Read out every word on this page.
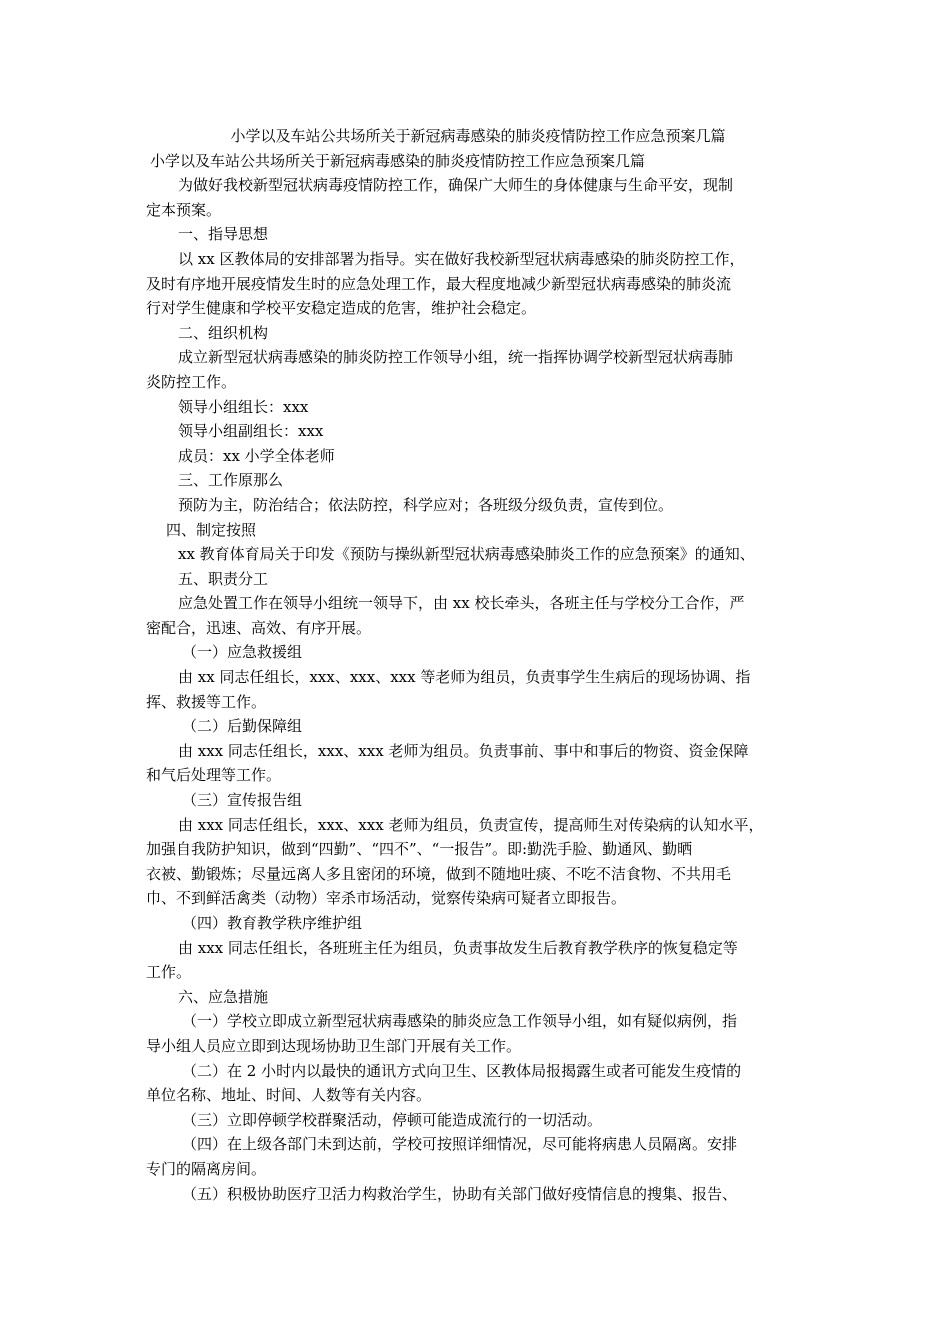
小学以及车站公共场所关于新冠病毒感染的肺炎疫情防控工作应急预案几篇
小学以及车站公共场所关于新冠病毒感染的肺炎疫情防控工作应急预案几篇
为做好我校新型冠状病毒疫情防控工作，确保广大师生的身体健康与生命平安，现制
定本预案。
一、指导思想
以 xx 区教体局的安排部署为指导。实在做好我校新型冠状病毒感染的肺炎防控工作，
及时有序地开展疫情发生时的应急处理工作，最大程度地减少新型冠状病毒感染的肺炎流
行对学生健康和学校平安稳定造成的危害，维护社会稳定。
二、组织机构
成立新型冠状病毒感染的肺炎防控工作领导小组，统一指挥协调学校新型冠状病毒肺
炎防控工作。
领导小组组长：xxx
领导小组副组长：xxx
成员：xx 小学全体老师
三、工作原那么
预防为主，防治结合；依法防控，科学应对；各班级分级负责，宣传到位。
四、制定按照
xx 教育体育局关于印发《预防与操纵新型冠状病毒感染肺炎工作的应急预案》的通知、
五、职责分工
应急处置工作在领导小组统一领导下，由 xx 校长牵头，各班主任与学校分工合作，严
密配合，迅速、高效、有序开展。
（一）应急救援组
由 xx 同志任组长，xxx、xxx、xxx 等老师为组员，负责事学生生病后的现场协调、指
挥、救援等工作。
（二）后勤保障组
由 xxx 同志任组长，xxx、xxx 老师为组员。负责事前、事中和事后的物资、资金保障
和气后处理等工作。
（三）宣传报告组
由 xxx 同志任组长，xxx、xxx 老师为组员，负责宣传，提高师生对传染病的认知水平，
加强自我防护知识，做到“四勤”、“四不”、“一报告”。即:勤洗手脸、勤通风、勤晒
衣被、勤锻炼；尽量远离人多且密闭的环境，做到不随地吐痰、不吃不洁食物、不共用毛
巾、不到鲜活禽类（动物）宰杀市场活动，觉察传染病可疑者立即报告。
（四）教育教学秩序维护组
由 xxx 同志任组长，各班班主任为组员，负责事故发生后教育教学秩序的恢复稳定等
工作。
六、应急措施
（一）学校立即成立新型冠状病毒感染的肺炎应急工作领导小组，如有疑似病例，指
导小组人员应立即到达现场协助卫生部门开展有关工作。
（二）在 2 小时内以最快的通讯方式向卫生、区教体局报揭露生或者可能发生疫情的
单位名称、地址、时间、人数等有关内容。
（三）立即停顿学校群聚活动，停顿可能造成流行的一切活动。
（四）在上级各部门未到达前，学校可按照详细情况，尽可能将病患人员隔离。安排
专门的隔离房间。
（五）积极协助医疗卫活力构救治学生，协助有关部门做好疫情信息的搜集、报告、
